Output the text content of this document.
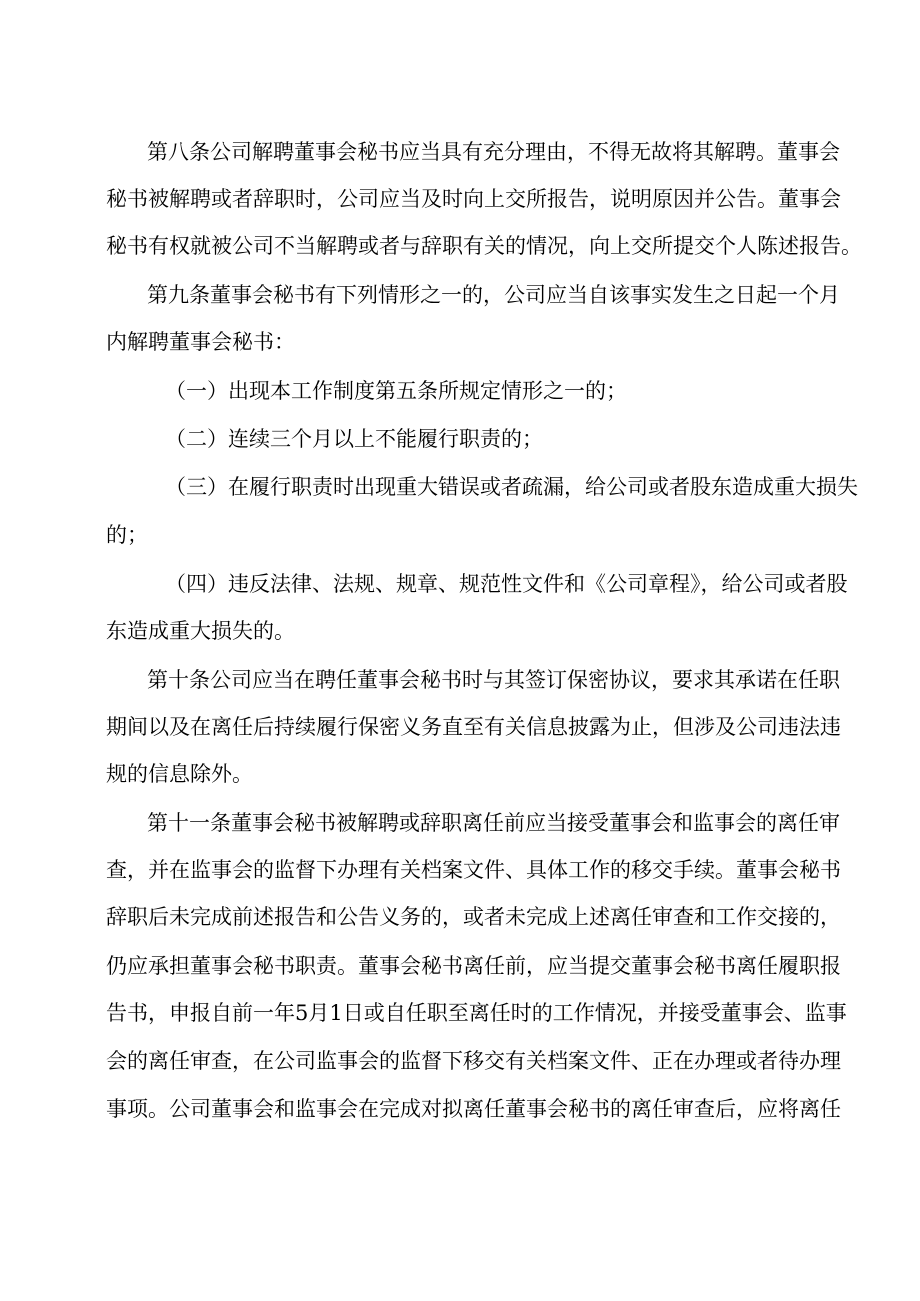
第八条公司解聘董事会秘书应当具有充分理由，不得无故将其解聘。董事会
秘书被解聘或者辞职时，公司应当及时向上交所报告，说明原因并公告。董事会
秘书有权就被公司不当解聘或者与辞职有关的情况，向上交所提交个人陈述报告。
第九条董事会秘书有下列情形之一的，公司应当自该事实发生之日起一个月
内解聘董事会秘书：
（一）出现本工作制度第五条所规定情形之一的；
（二）连续三个月以上不能履行职责的；
（三）在履行职责时出现重大错误或者疏漏，给公司或者股东造成重大损失
的；
（四）违反法律、法规、规章、规范性文件和《公司章程》，给公司或者股
东造成重大损失的。
第十条公司应当在聘任董事会秘书时与其签订保密协议，要求其承诺在任职
期间以及在离任后持续履行保密义务直至有关信息披露为止，但涉及公司违法违
规的信息除外。
第十一条董事会秘书被解聘或辞职离任前应当接受董事会和监事会的离任审
查，并在监事会的监督下办理有关档案文件、具体工作的移交手续。董事会秘书
辞职后未完成前述报告和公告义务的，或者未完成上述离任审查和工作交接的，
仍应承担董事会秘书职责。董事会秘书离任前，应当提交董事会秘书离任履职报
告书，申报自前一年5月1日或自任职至离任时的工作情况，并接受董事会、监事
会的离任审查，在公司监事会的监督下移交有关档案文件、正在办理或者待办理
事项。公司董事会和监事会在完成对拟离任董事会秘书的离任审查后，应将离任
